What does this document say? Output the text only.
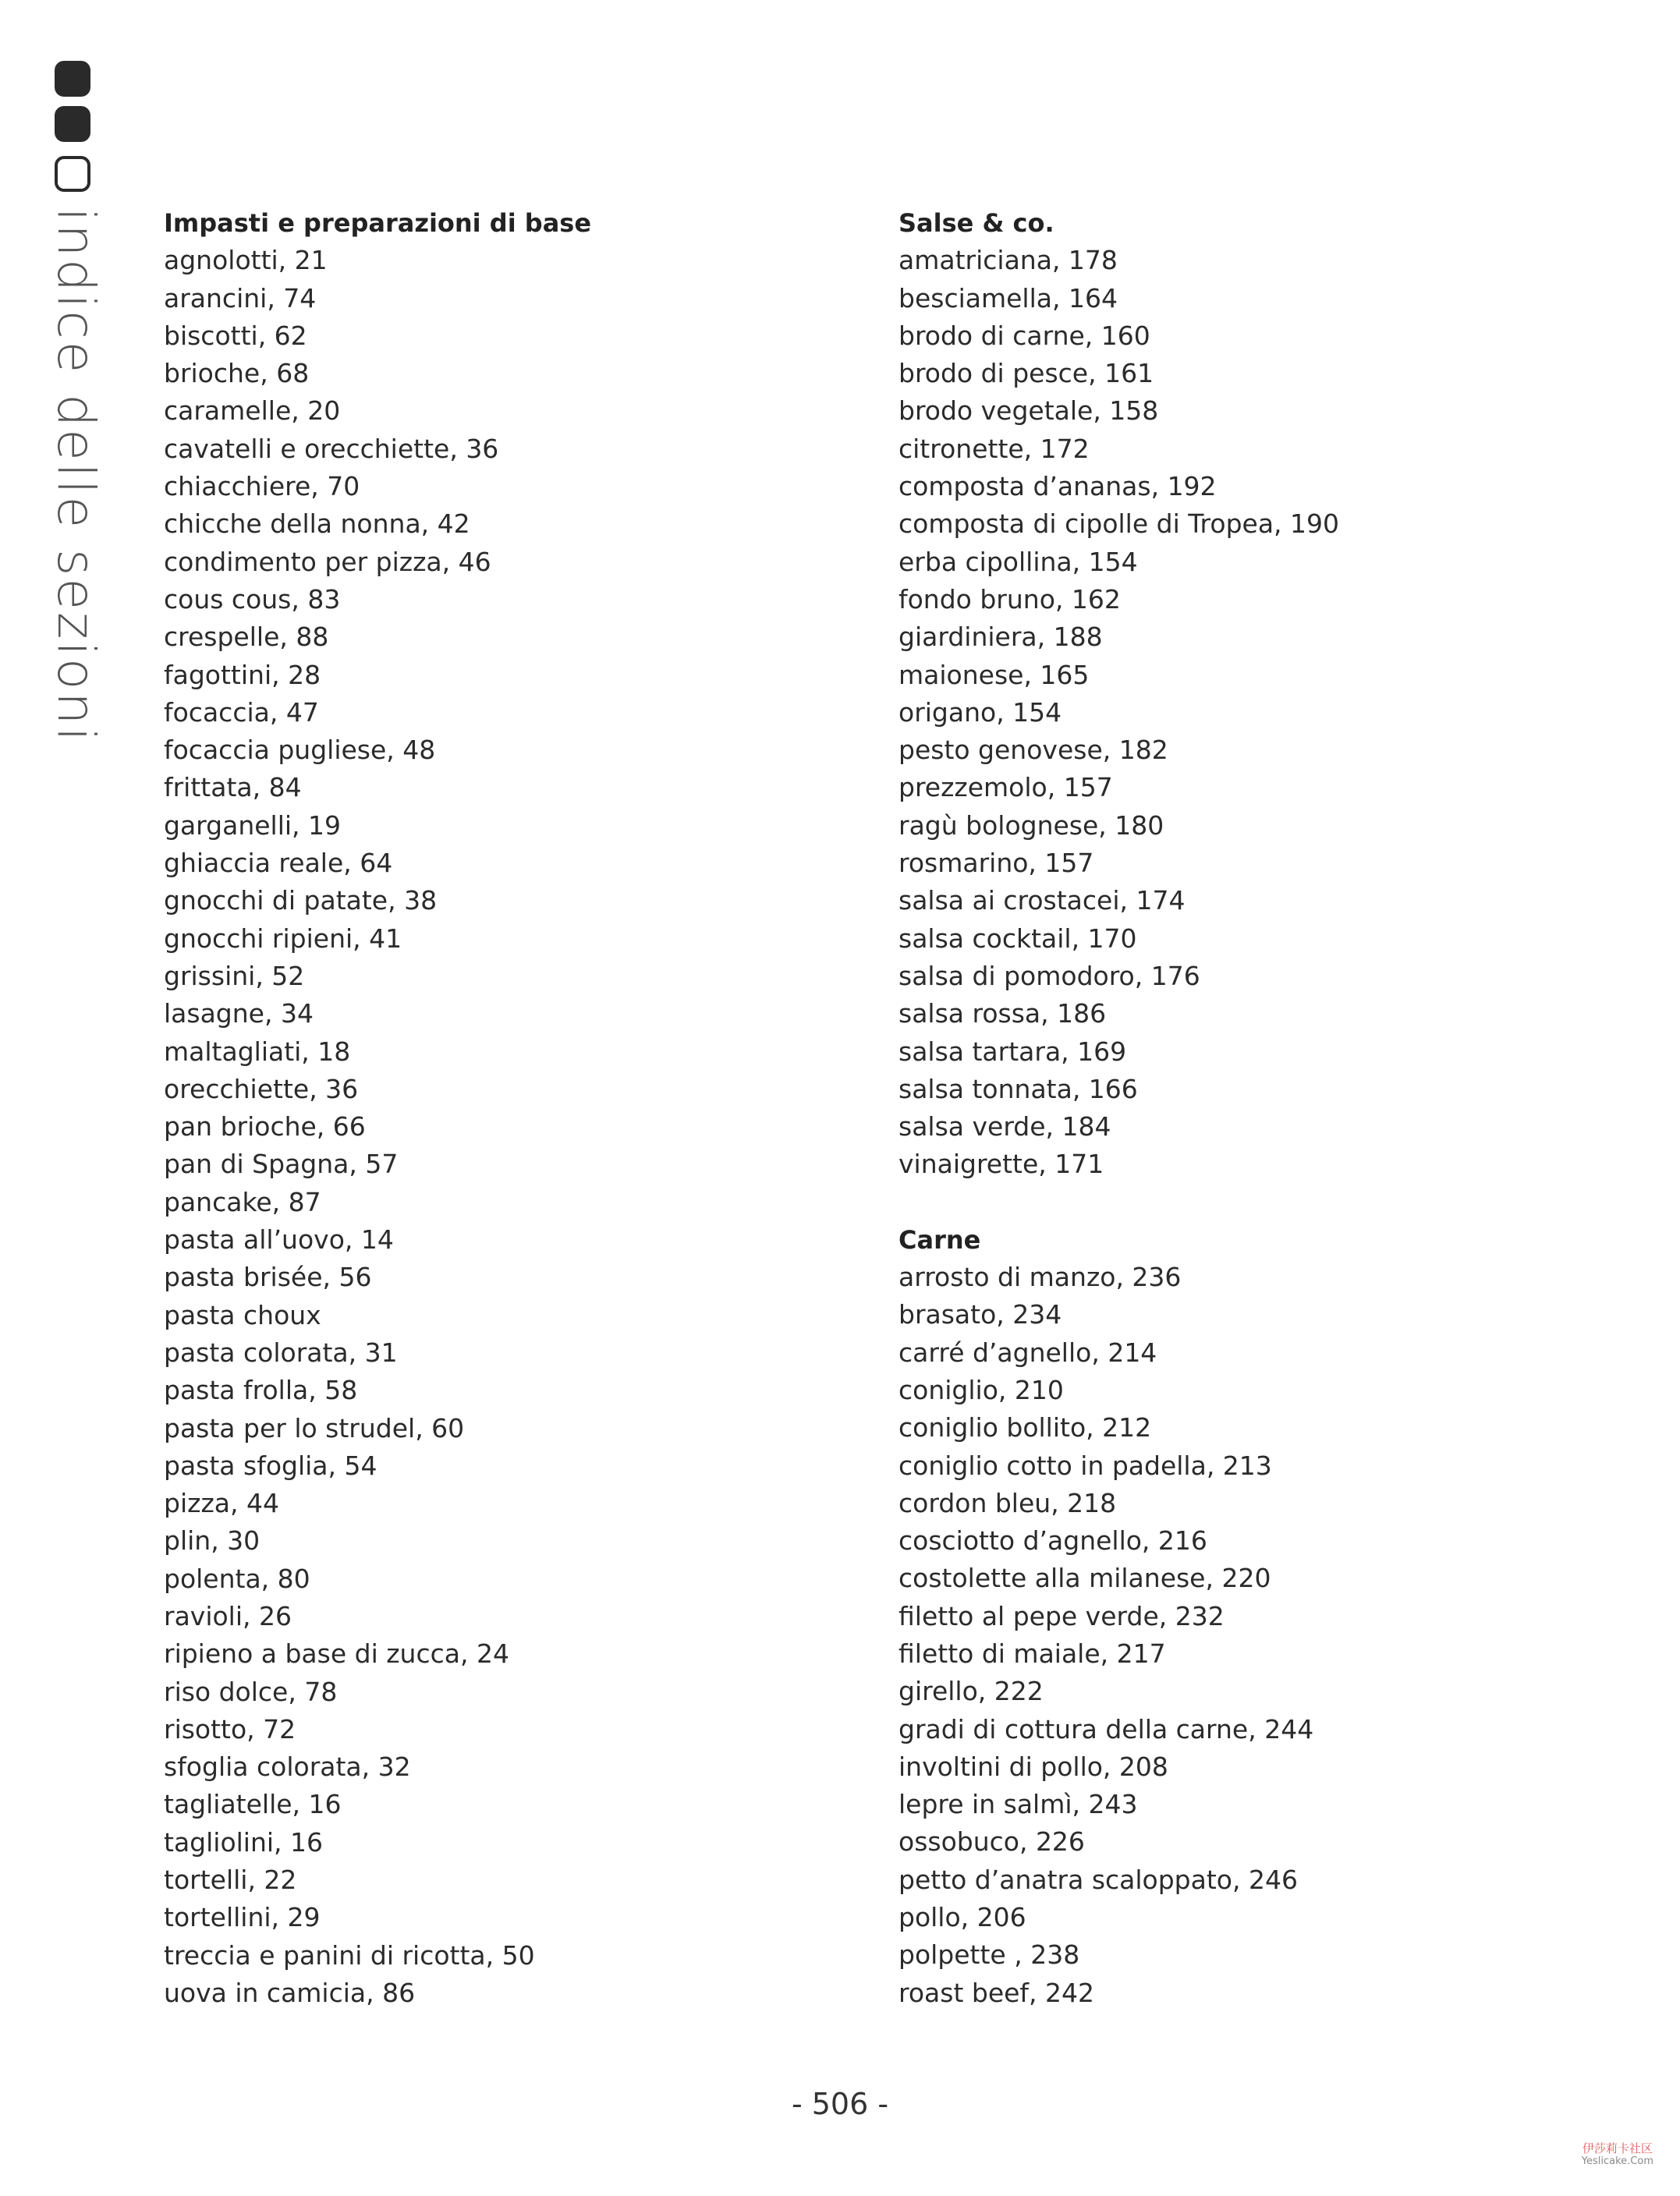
indice delle sezioni Impasti e preparazioni di base
agnolotti, 21
arancini, 74
biscotti, 62
brioche, 68
caramelle, 20
cavatelli e orecchiette, 36
chiacchiere, 70
chicche della nonna, 42
condimento per pizza, 46
cous cous, 83
crespelle, 88
fagottini, 28
focaccia, 47
focaccia pugliese, 48
frittata, 84
garganelli, 19
ghiaccia reale, 64
gnocchi di patate, 38
gnocchi ripieni, 41
grissini, 52
lasagne, 34
maltagliati, 18
orecchiette, 36
pan brioche, 66
pan di Spagna, 57
pancake, 87
pasta all’uovo, 14
pasta brisée, 56
pasta choux
pasta colorata, 31
pasta frolla, 58
pasta per lo strudel, 60
pasta sfoglia, 54
pizza, 44
plin, 30
polenta, 80
ravioli, 26
ripieno a base di zucca, 24
riso dolce, 78
risotto, 72
sfoglia colorata, 32
tagliatelle, 16
tagliolini, 16
tortelli, 22
tortellini, 29
treccia e panini di ricotta, 50
uova in camicia, 86
Salse & co.
amatriciana, 178
besciamella, 164
brodo di carne, 160
brodo di pesce, 161
brodo vegetale, 158
citronette, 172
composta d’ananas, 192
composta di cipolle di Tropea, 190
erba cipollina, 154
fondo bruno, 162
giardiniera, 188
maionese, 165
origano, 154
pesto genovese, 182
prezzemolo, 157
ragù bolognese, 180
rosmarino, 157
salsa ai crostacei, 174
salsa cocktail, 170
salsa di pomodoro, 176
salsa rossa, 186
salsa tartara, 169
salsa tonnata, 166
salsa verde, 184
vinaigrette, 171
Carne
arrosto di manzo, 236
brasato, 234
carré d’agnello, 214
coniglio, 210
coniglio bollito, 212
coniglio cotto in padella, 213
cordon bleu, 218
cosciotto d’agnello, 216
costolette alla milanese, 220
filetto al pepe verde, 232
filetto di maiale, 217
girello, 222
gradi di cottura della carne, 244
involtini di pollo, 208
lepre in salmì, 243
ossobuco, 226
petto d’anatra scaloppato, 246
pollo, 206
polpette , 238
roast beef, 242
- 506 -
伊莎莉卡社区
Yeslicake.Com
